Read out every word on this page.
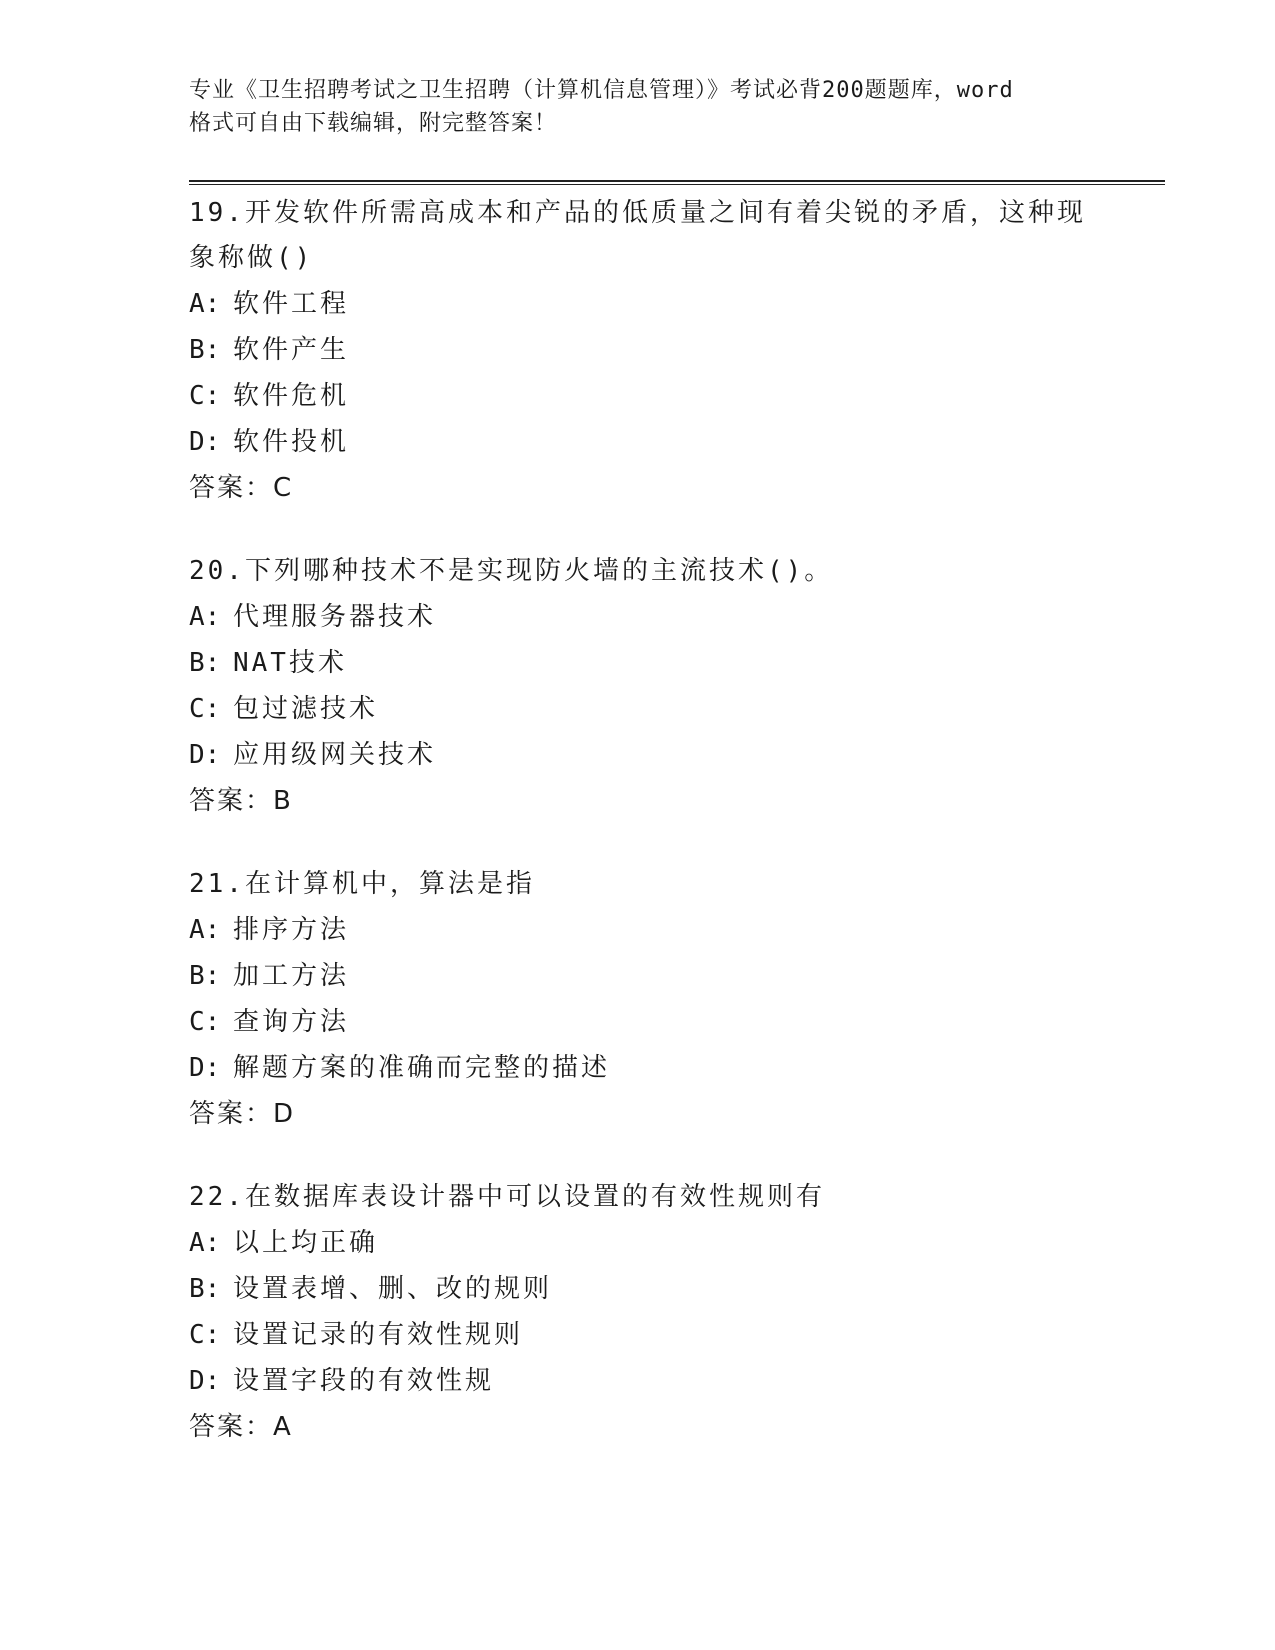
专业《卫生招聘考试之卫生招聘（计算机信息管理）》考试必背200题题库，word
格式可自由下载编辑，附完整答案！
19.开发软件所需高成本和产品的低质量之间有着尖锐的矛盾，这种现
象称做()
A: 软件工程
B: 软件产生
C: 软件危机
D: 软件投机
答案：C
20.下列哪种技术不是实现防火墙的主流技术()。
A: 代理服务器技术
B: NAT技术
C: 包过滤技术
D: 应用级网关技术
答案：B
21.在计算机中，算法是指
A: 排序方法
B: 加工方法
C: 查询方法
D: 解题方案的准确而完整的描述
答案：D
22.在数据库表设计器中可以设置的有效性规则有
A: 以上均正确
B: 设置表增、删、改的规则
C: 设置记录的有效性规则
D: 设置字段的有效性规
答案：A
